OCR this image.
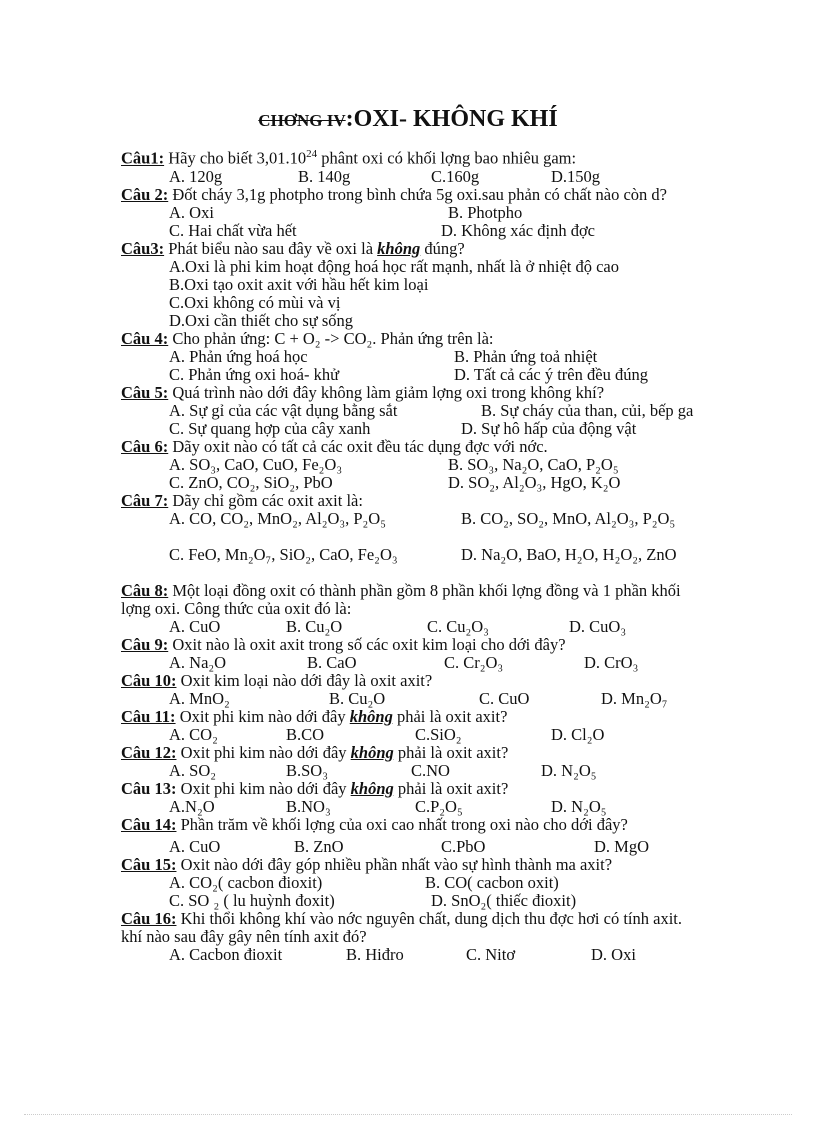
CHƠNG IV:OXI- KHÔNG KHÍ
Câu1: Hãy cho biết 3,01.10$^{24}$ phânt oxi có khối lợng bao nhiêu gam:
A. 120g	B. 140g	C.160g	D.150g
Câu 2: Đốt cháy 3,1g photpho trong bình chứa 5g oxi.sau phản có chất nào còn d?
A. Oxi	B. Photpho
C. Hai chất vừa hết	D. Không xác định đợc
Câu3: Phát biểu nào sau đây về oxi là không đúng?
A.Oxi là phi kim hoạt động hoá học rất mạnh, nhất là ở nhiệt độ cao
B.Oxi tạo oxit axit với hầu hết kim loại
C.Oxi không có mùi và vị
D.Oxi cần thiết cho sự sống
Câu 4: Cho phản ứng: C + O₂ -> CO₂. Phản ứng trên là:
A. Phản ứng hoá học	B. Phản ứng toả nhiệt
C. Phản ứng oxi hoá- khử	D. Tất cả các ý trên đều đúng
Câu 5: Quá trình nào dới đây không làm giảm lợng oxi trong không khí?
A. Sự gỉ của các vật dụng bằng sắt	B. Sự cháy của than, củi, bếp ga
C. Sự quang hợp của cây xanh	D. Sự hô hấp của động vật
Câu 6: Dãy oxit nào có tất cả các oxit đều tác dụng đợc với nớc.
A. SO₃, CaO, CuO, Fe₂O₃	B. SO₃, Na₂O, CaO, P₂O₅
C. ZnO, CO₂, SiO₂, PbO	D. SO₂, Al₂O₃, HgO, K₂O
Câu 7: Dãy chỉ gồm các oxit axit là:
A. CO, CO₂, MnO₂, Al₂O₃, P₂O₅	B. CO₂, SO₂, MnO, Al₂O₃, P₂O₅
C. FeO, Mn₂O₇, SiO₂, CaO, Fe₂O₃	D. Na₂O, BaO, H₂O, H₂O₂, ZnO
Câu 8: Một loại đồng oxit có thành phần gồm 8 phần khối lợng đồng và 1 phần khối lợng oxi. Công thức của oxit đó là:
A. CuO	B. Cu₂O	C. Cu₂O₃	D. CuO₃
Câu 9: Oxit nào là oxit axit trong số các oxit kim loại cho dới đây?
A. Na₂O	B. CaO	C. Cr₂O₃	D. CrO₃
Câu 10: Oxit kim loại nào dới đây là oxit axit?
A. MnO₂	B. Cu₂O	C. CuO	D. Mn₂O₇
Câu 11: Oxit phi kim nào dới đây không phải là oxit axit?
A. CO₂	B.CO	C.SiO₂	D. Cl₂O
Câu 12: Oxit phi kim nào dới đây không phải là oxit axit?
A. SO₂	B.SO₃	C.NO	D. N₂O₅
Câu 13: Oxit phi kim nào dới đây không phải là oxit axit?
A.N₂O	B.NO₃	C.P₂O₅	D. N₂O₅
Câu 14: Phần trăm về khối lợng của oxi cao nhất trong oxi nào cho dới đây?
A. CuO	B. ZnO	C.PbO	D. MgO
Câu 15: Oxit nào dới đây góp nhiều phần nhất vào sự hình thành ma axit?
A. CO₂( cacbon đioxit)	B. CO( cacbon oxit)
C. SO ₂ ( lu huỳnh đoxit)	D. SnO₂( thiếc đioxit)
Câu 16: Khi thổi không khí vào nớc nguyên chất, dung dịch thu đợc hơi có tính axit. khí nào sau đây gây nên tính axit đó?
A. Cacbon đioxit	B. Hiđro	C. Nitơ	D. Oxi
